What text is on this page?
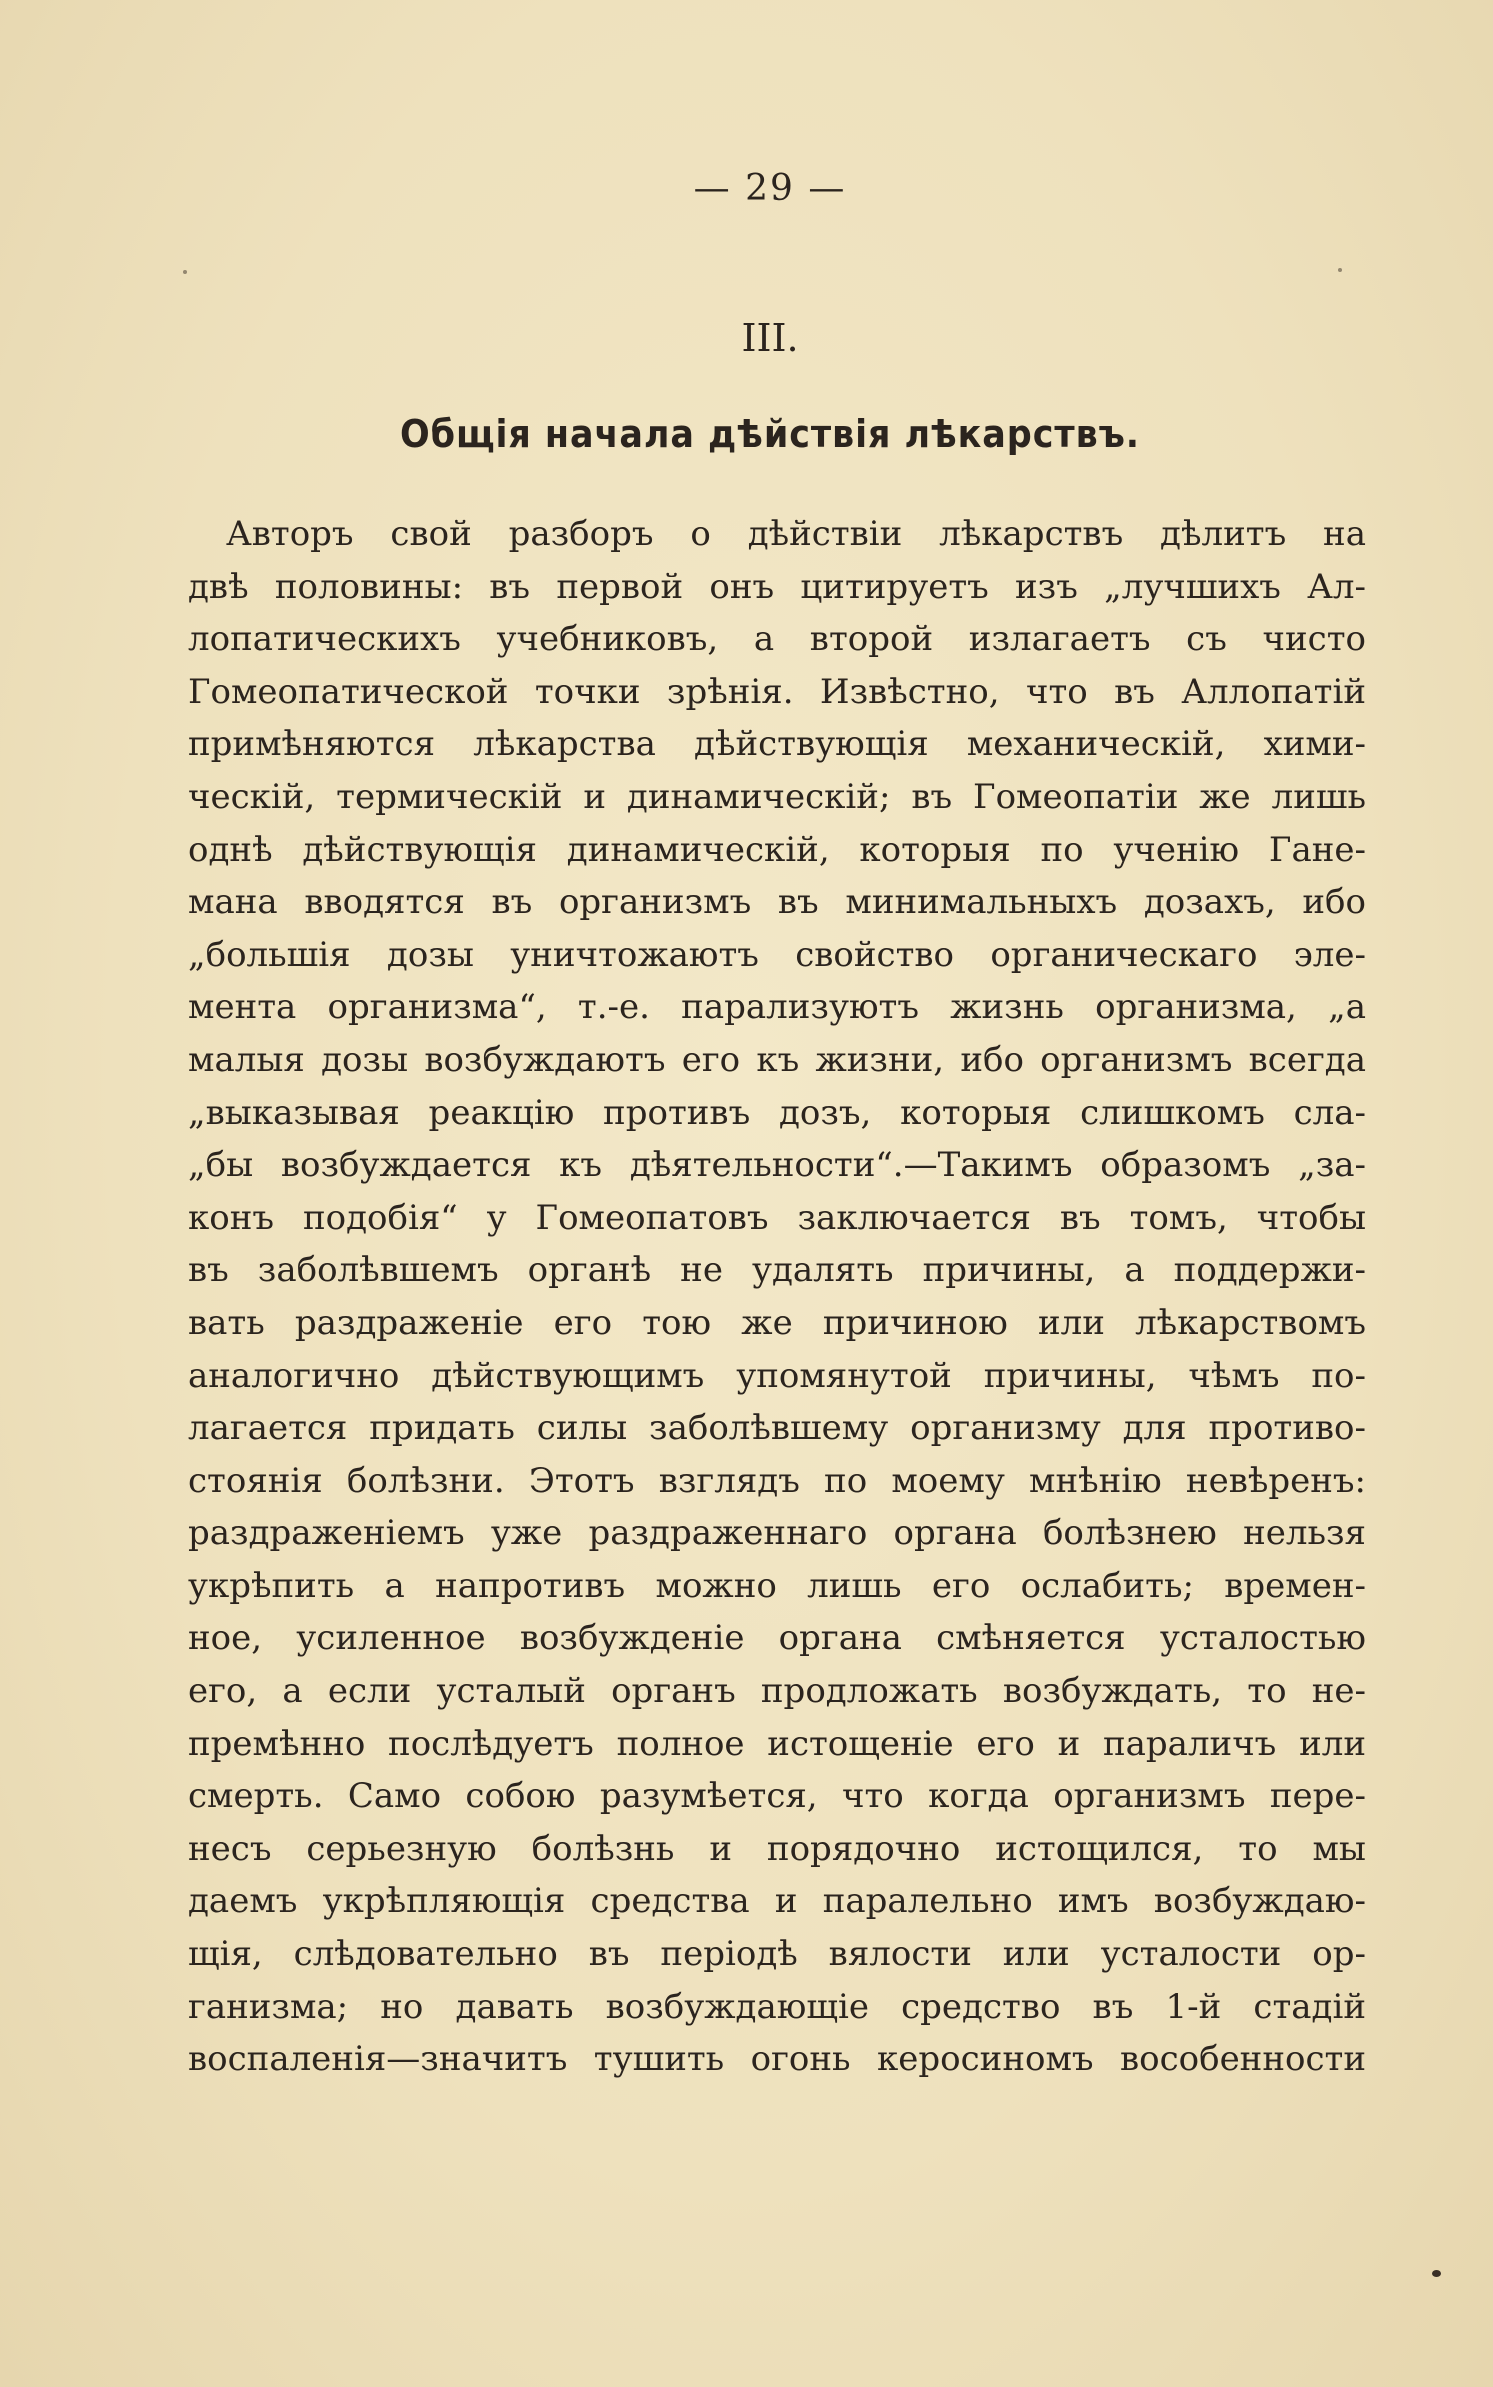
— 29 —
III.
Общія начала дѣйствія лѣкарствъ.
Авторъ свой разборъ о дѣйствіи лѣкарствъ дѣлитъ на
двѣ половины: въ первой онъ цитируетъ изъ „лучшихъ Ал-
лопатическихъ учебниковъ, а второй излагаетъ съ чисто
Гомеопатической точки зрѣнія. Извѣстно, что въ Аллопатій
примѣняются лѣкарства дѣйствующія механическій, хими-
ческій, термическій и динамическій; въ Гомеопатіи же лишь
однѣ дѣйствующія динамическій, которыя по ученію Гане-
мана вводятся въ организмъ въ минимальныхъ дозахъ, ибо
„большія дозы уничтожаютъ свойство органическаго эле-
мента организма“, т.-е. парализуютъ жизнь организма, „а
малыя дозы возбуждаютъ его къ жизни, ибо организмъ всегда
„выказывая реакцію противъ дозъ, которыя слишкомъ сла-
„бы возбуждается къ дѣятельности“.—Такимъ образомъ „за-
конъ подобія“ у Гомеопатовъ заключается въ томъ, чтобы
въ заболѣвшемъ органѣ не удалять причины, а поддержи-
вать раздраженіе его тою же причиною или лѣкарствомъ
аналогично дѣйствующимъ упомянутой причины, чѣмъ по-
лагается придать силы заболѣвшему организму для противо-
стоянія болѣзни. Этотъ взглядъ по моему мнѣнію невѣренъ:
раздраженіемъ уже раздраженнаго органа болѣзнею нельзя
укрѣпить а напротивъ можно лишь его ослабить; времен-
ное, усиленное возбужденіе органа смѣняется усталостью
его, а если усталый органъ продложать возбуждать, то не-
премѣнно послѣдуетъ полное истощеніе его и параличъ или
смерть. Само собою разумѣется, что когда организмъ пере-
несъ серьезную болѣзнь и порядочно истощился, то мы
даемъ укрѣпляющія средства и паралельно имъ возбуждаю-
щія, слѣдовательно въ періодѣ вялости или усталости ор-
ганизма; но давать возбуждающіе средство въ 1-й стадій
воспаленія—значитъ тушить огонь керосиномъ вособенности
